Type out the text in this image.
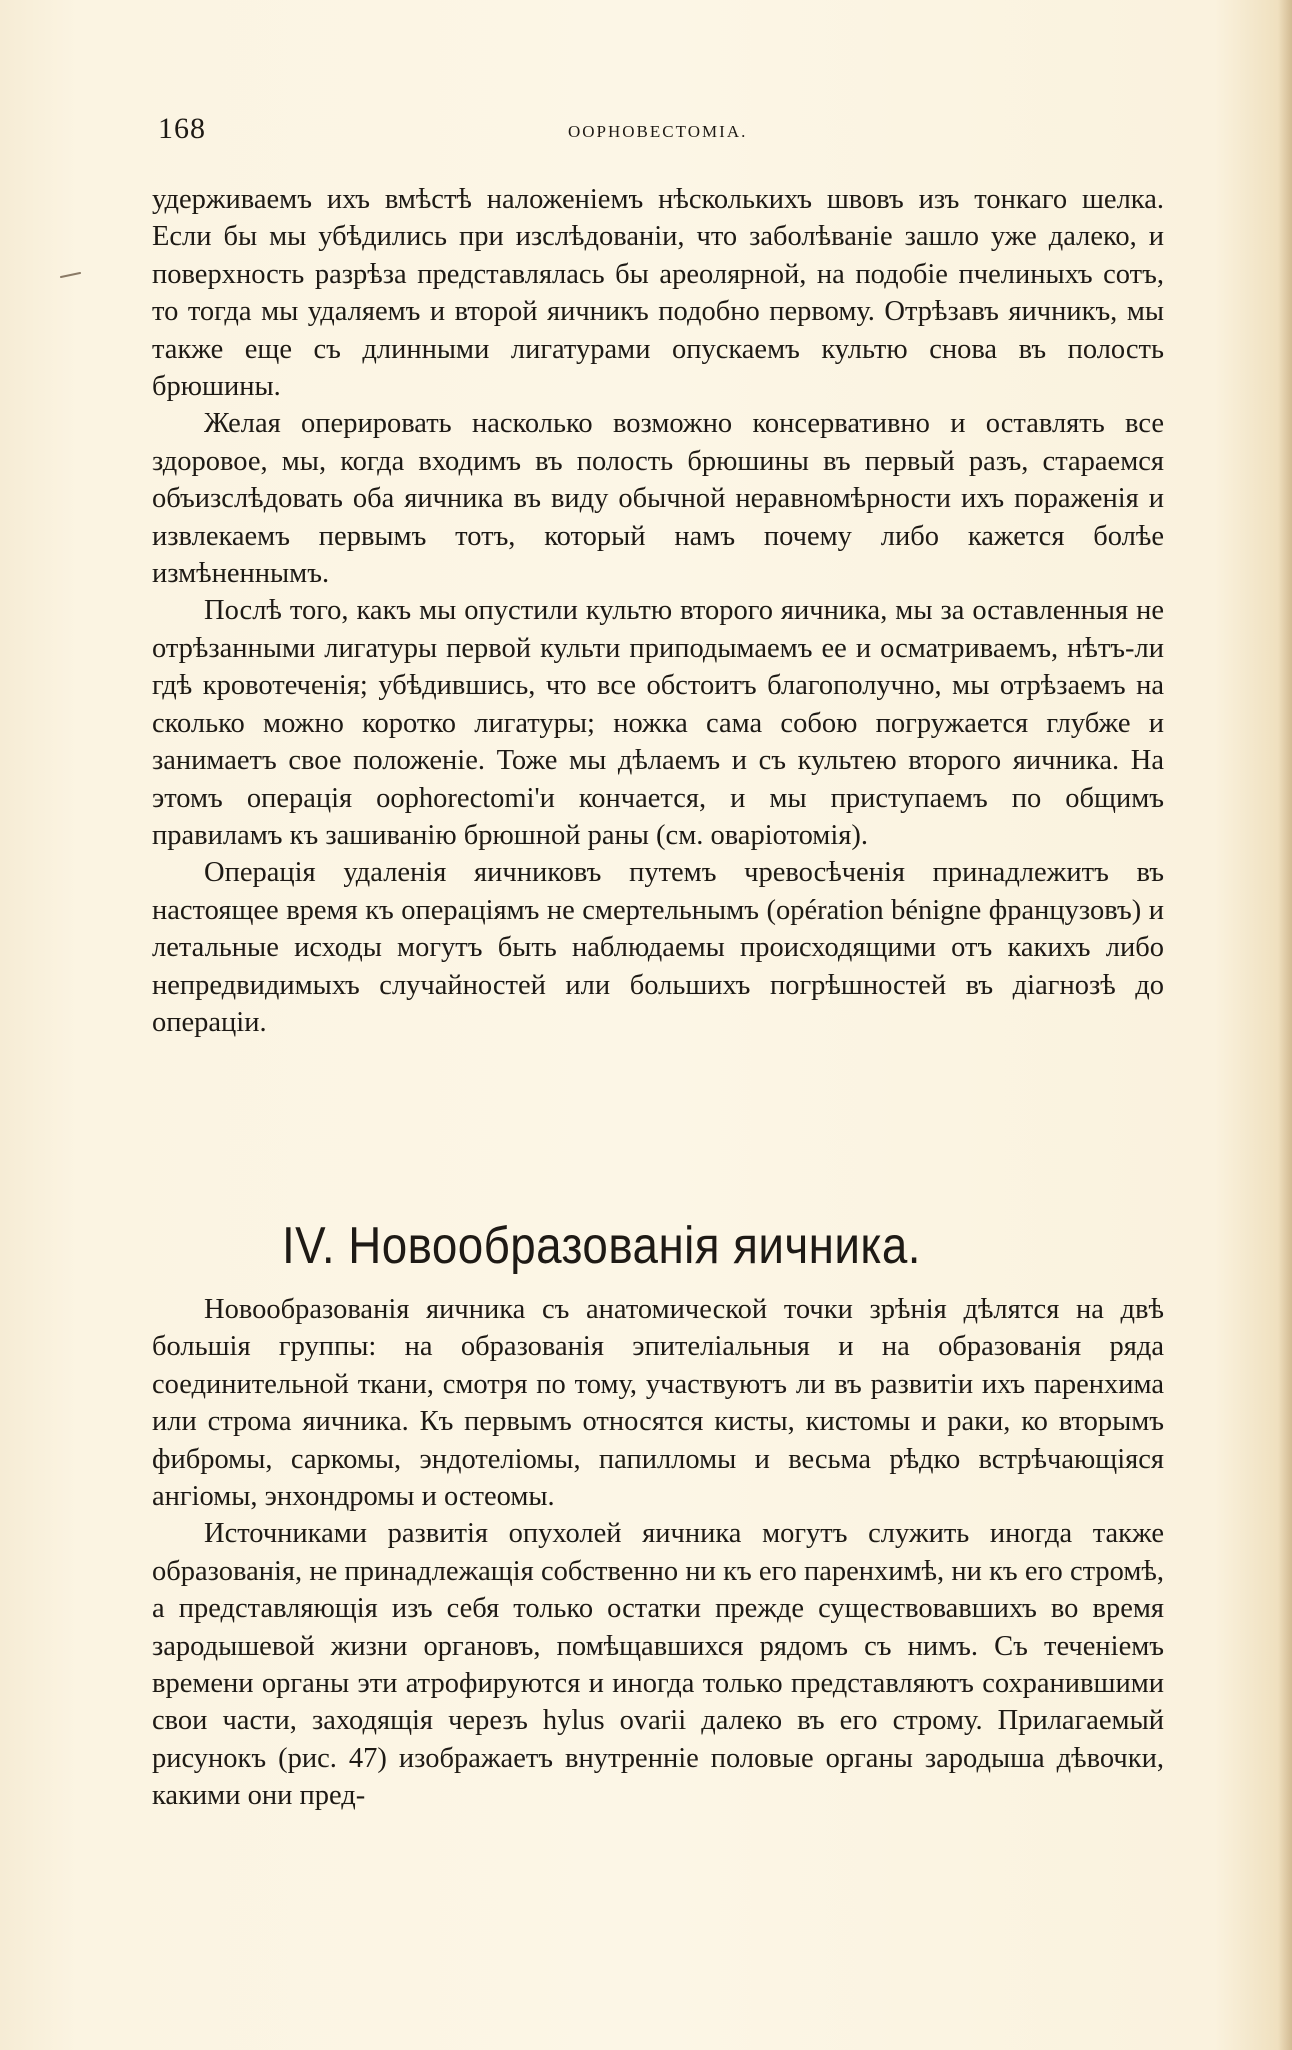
168	ООРНОВЕСТОМІА.

удерживаемъ ихъ вмѣстѣ наложеніемъ нѣсколькихъ швовъ изъ тонкаго шелка. Если бы мы убѣдились при изслѣдованіи, что заболѣваніе зашло уже далеко, и поверхность разрѣза представлялась бы ареолярной, на подобіе пчелиныхъ сотъ, то тогда мы удаляемъ и второй яичникъ подобно первому. Отрѣзавъ яичникъ, мы также еще съ длинными лигатурами опускаемъ культю снова въ полость брюшины.

Желая оперировать насколько возможно консервативно и оставлять все здоровое, мы, когда входимъ въ полость брюшины въ первый разъ, стараемся объизслѣдовать оба яичника въ виду обычной неравномѣрности ихъ пораженія и извлекаемъ первымъ тотъ, который намъ почему либо кажется болѣе измѣненнымъ.

Послѣ того, какъ мы опустили культю второго яичника, мы за оставленныя не отрѣзанными лигатуры первой культи приподымаемъ ее и осматриваемъ, нѣтъ-ли гдѣ кровотеченія; убѣдившись, что все обстоитъ благополучно, мы отрѣзаемъ на сколько можно коротко лигатуры; ножка сама собою погружается глубже и занимаетъ свое положеніе. Тоже мы дѣлаемъ и съ культею второго яичника. На этомъ операція oophorectomi'и кончается, и мы приступаемъ по общимъ правиламъ къ зашиванію брюшной раны (см. оваріотомія).

Операція удаленія яичниковъ путемъ чревосѣченія принадлежитъ въ настоящее время къ операціямъ не смертельнымъ (opération bénigne французовъ) и летальные исходы могутъ быть наблюдаемы происходящими отъ какихъ либо непредвидимыхъ случайностей или большихъ погрѣшностей въ діагнозѣ до операціи.

IV. Новообразованія яичника.

Новообразованія яичника съ анатомической точки зрѣнія дѣлятся на двѣ большія группы: на образованія эпителіальныя и на образованія ряда соединительной ткани, смотря по тому, участвуютъ ли въ развитіи ихъ паренхима или строма яичника. Къ первымъ относятся кисты, кистомы и раки, ко вторымъ фибромы, саркомы, эндотеліомы, папилломы и весьма рѣдко встрѣчающіяся ангіомы, энхондромы и остеомы.

Источниками развитія опухолей яичника могутъ служить иногда также образованія, не принадлежащія собственно ни къ его паренхимѣ, ни къ его стромѣ, а представляющія изъ себя только остатки прежде существовавшихъ во время зародышевой жизни органовъ, помѣщавшихся рядомъ съ нимъ. Съ теченіемъ времени органы эти атрофируются и иногда только представляютъ сохранившими свои части, заходящія черезъ hylus ovarii далеко въ его строму. Прилагаемый рисунокъ (рис. 47) изображаетъ внутренніе половые органы зародыша дѣвочки, какими они пред-
